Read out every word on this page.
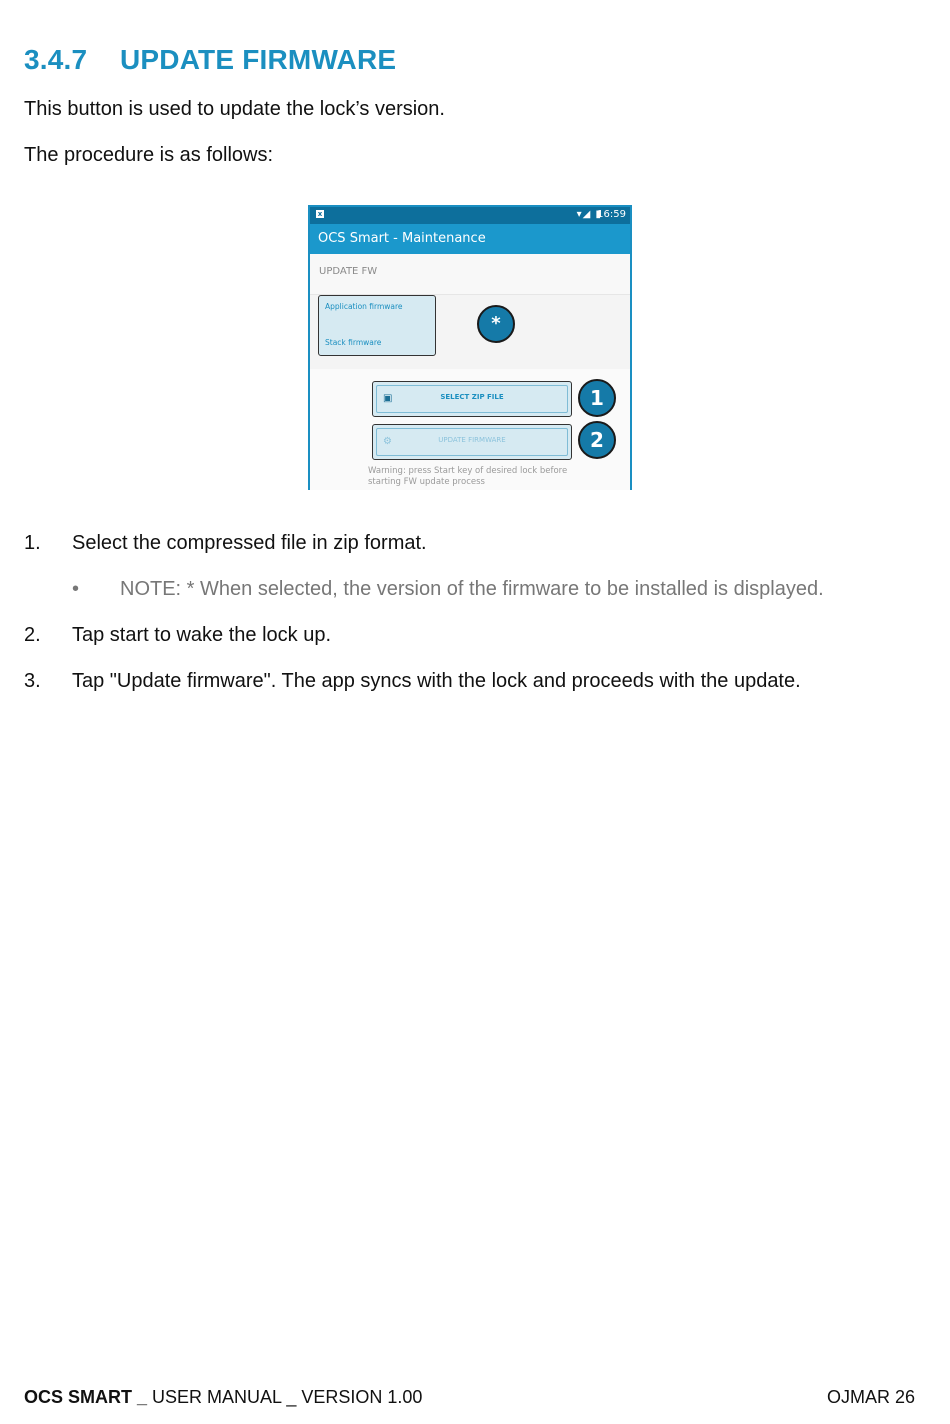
3.4.7 UPDATE FIRMWARE

This button is used to update the lock’s version.

The procedure is as follows:

x	▾◢ ▮
16:59
OCS Smart - Maintenance
UPDATE FW
Application firmware
Stack firmware
*
▣	SELECT ZIP FILE
⚙	UPDATE FIRMWARE
Warning: press Start key of desired lock before starting FW update process
1
2

1. Select the compressed file in zip format.

• NOTE: * When selected, the version of the firmware to be installed is displayed.

2. Tap start to wake the lock up.

3. Tap "Update firmware". The app syncs with the lock and proceeds with the update.

OCS SMART _ USER MANUAL _ VERSION 1.00	OJMAR 26
